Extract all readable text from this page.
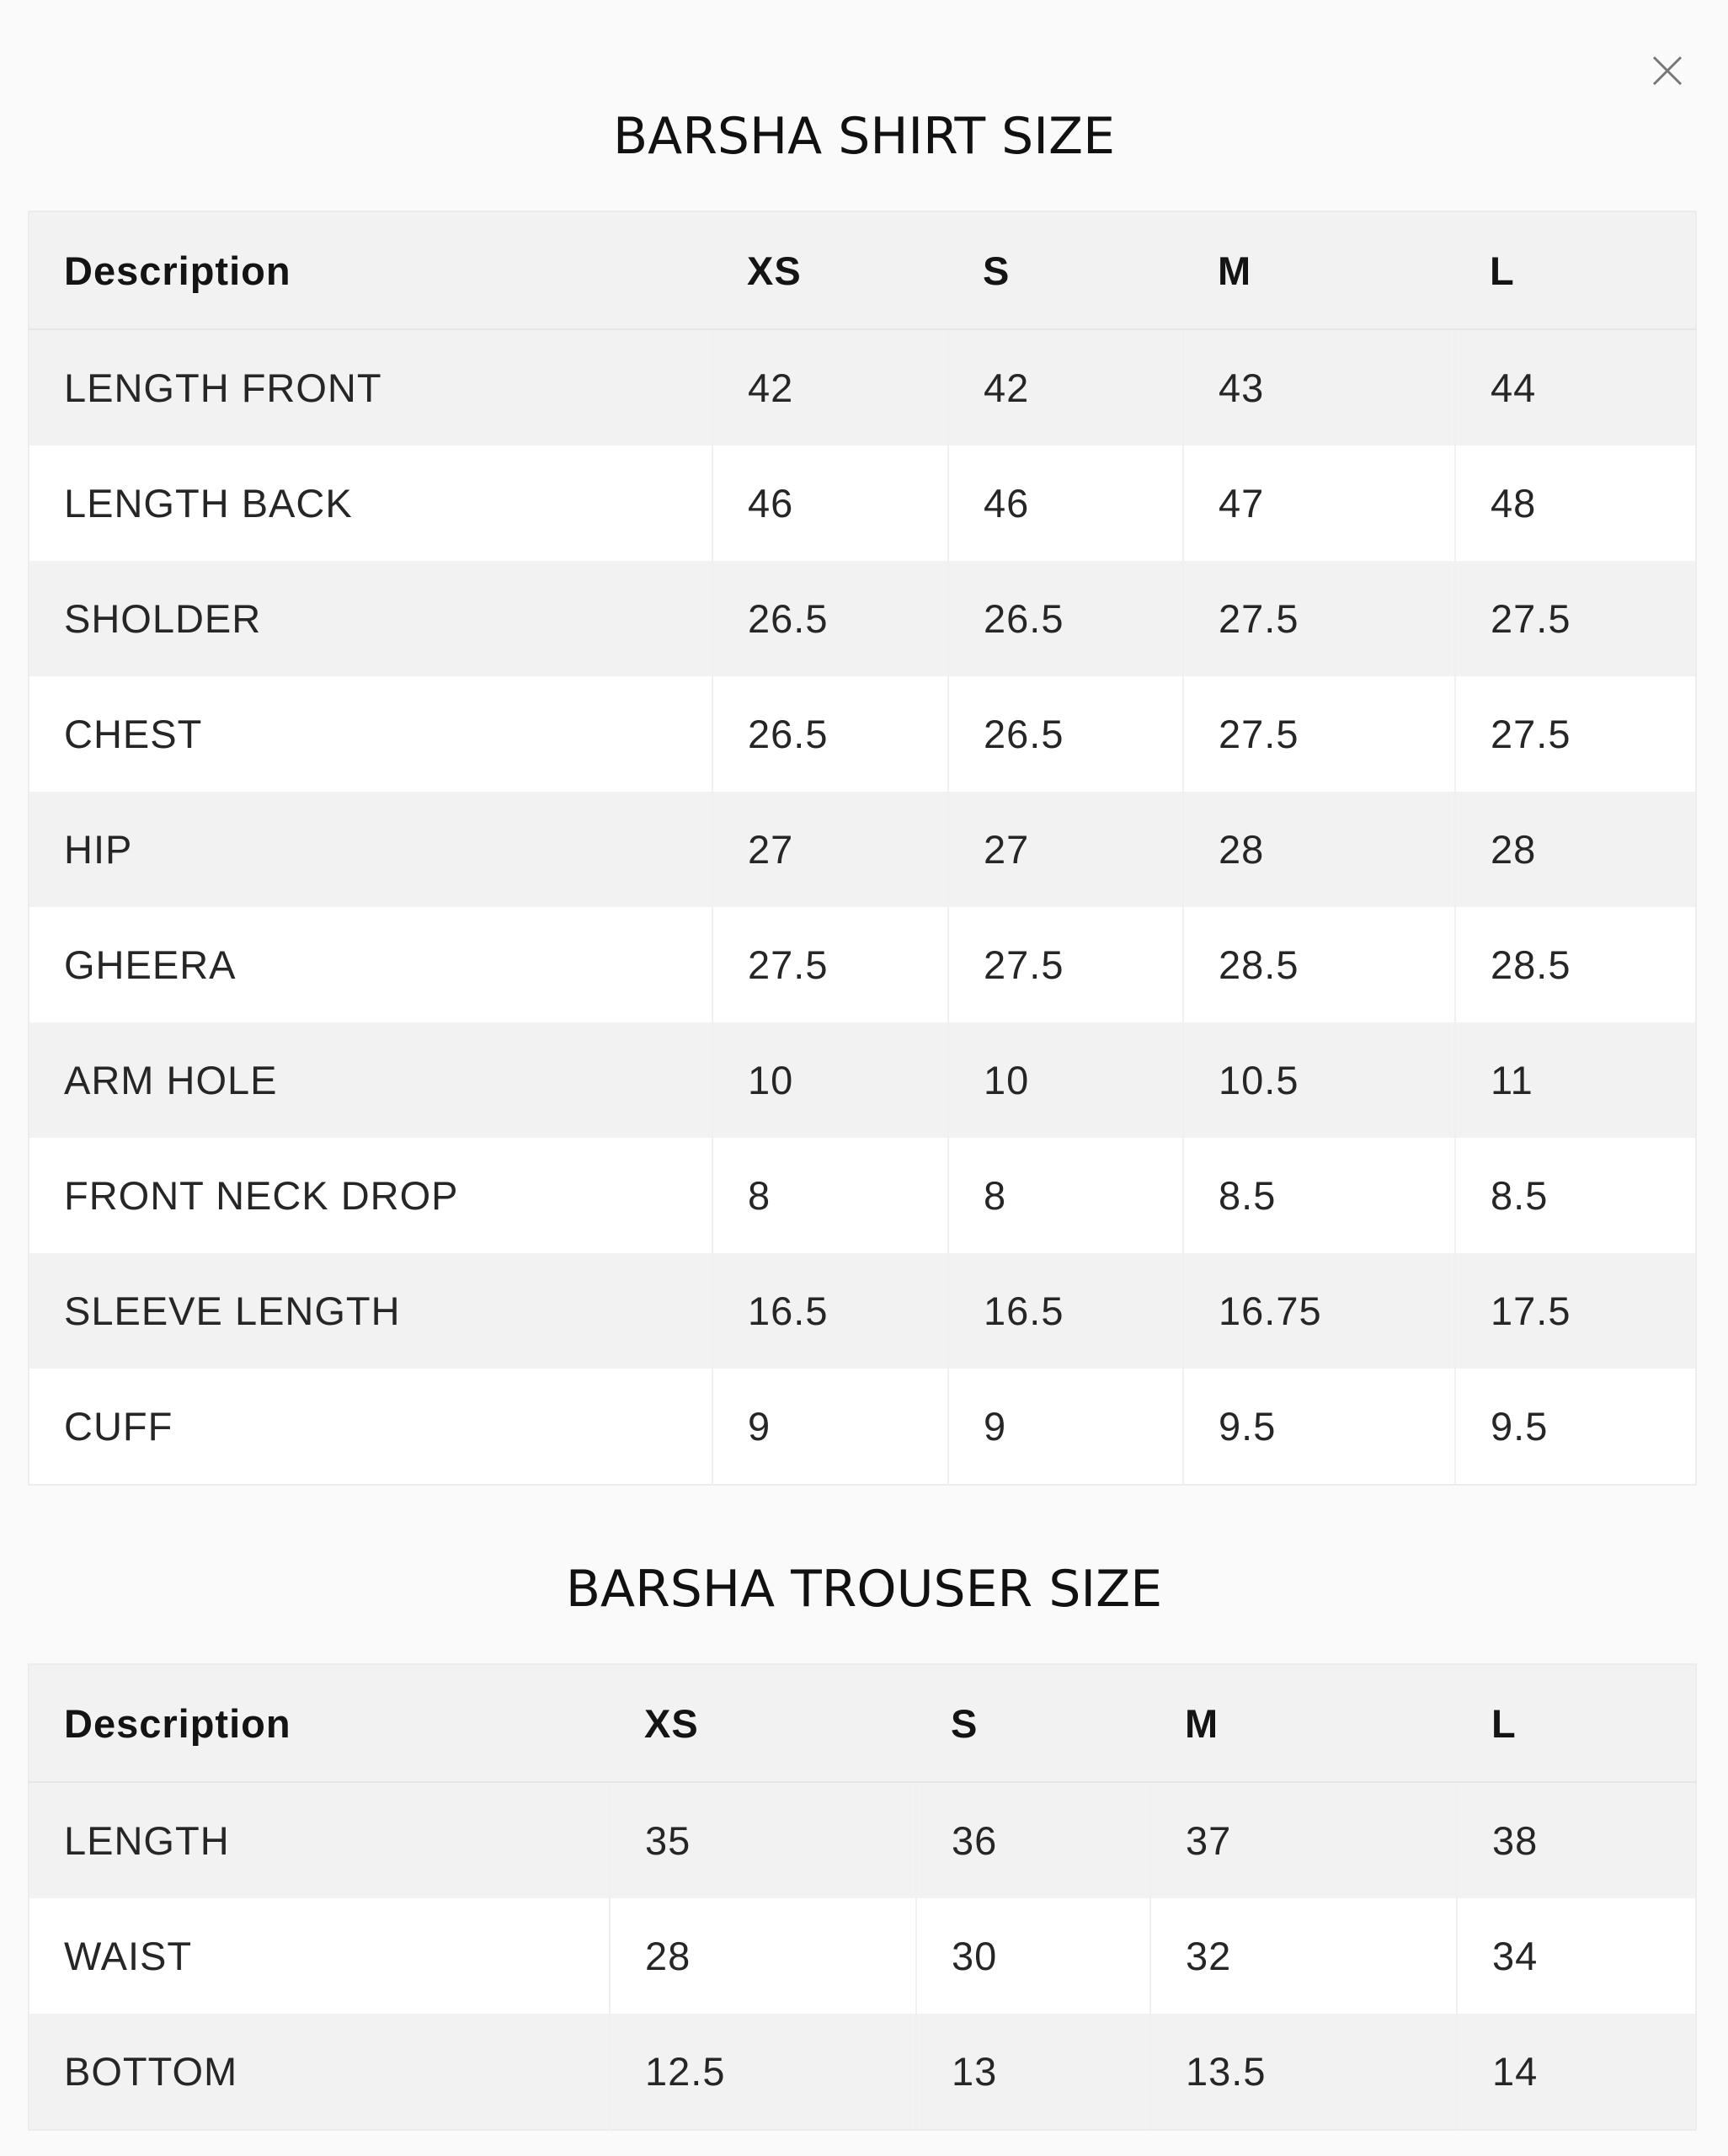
BARSHA SHIRT SIZE
Description	XS	S	M	L
LENGTH FRONT	42	42	43	44
LENGTH BACK	46	46	47	48
SHOLDER	26.5	26.5	27.5	27.5
CHEST	26.5	26.5	27.5	27.5
HIP	27	27	28	28
GHEERA	27.5	27.5	28.5	28.5
ARM HOLE	10	10	10.5	11
FRONT NECK DROP	8	8	8.5	8.5
SLEEVE LENGTH	16.5	16.5	16.75	17.5
CUFF	9	9	9.5	9.5
BARSHA TROUSER SIZE
Description	XS	S	M	L
LENGTH	35	36	37	38
WAIST	28	30	32	34
BOTTOM	12.5	13	13.5	14
